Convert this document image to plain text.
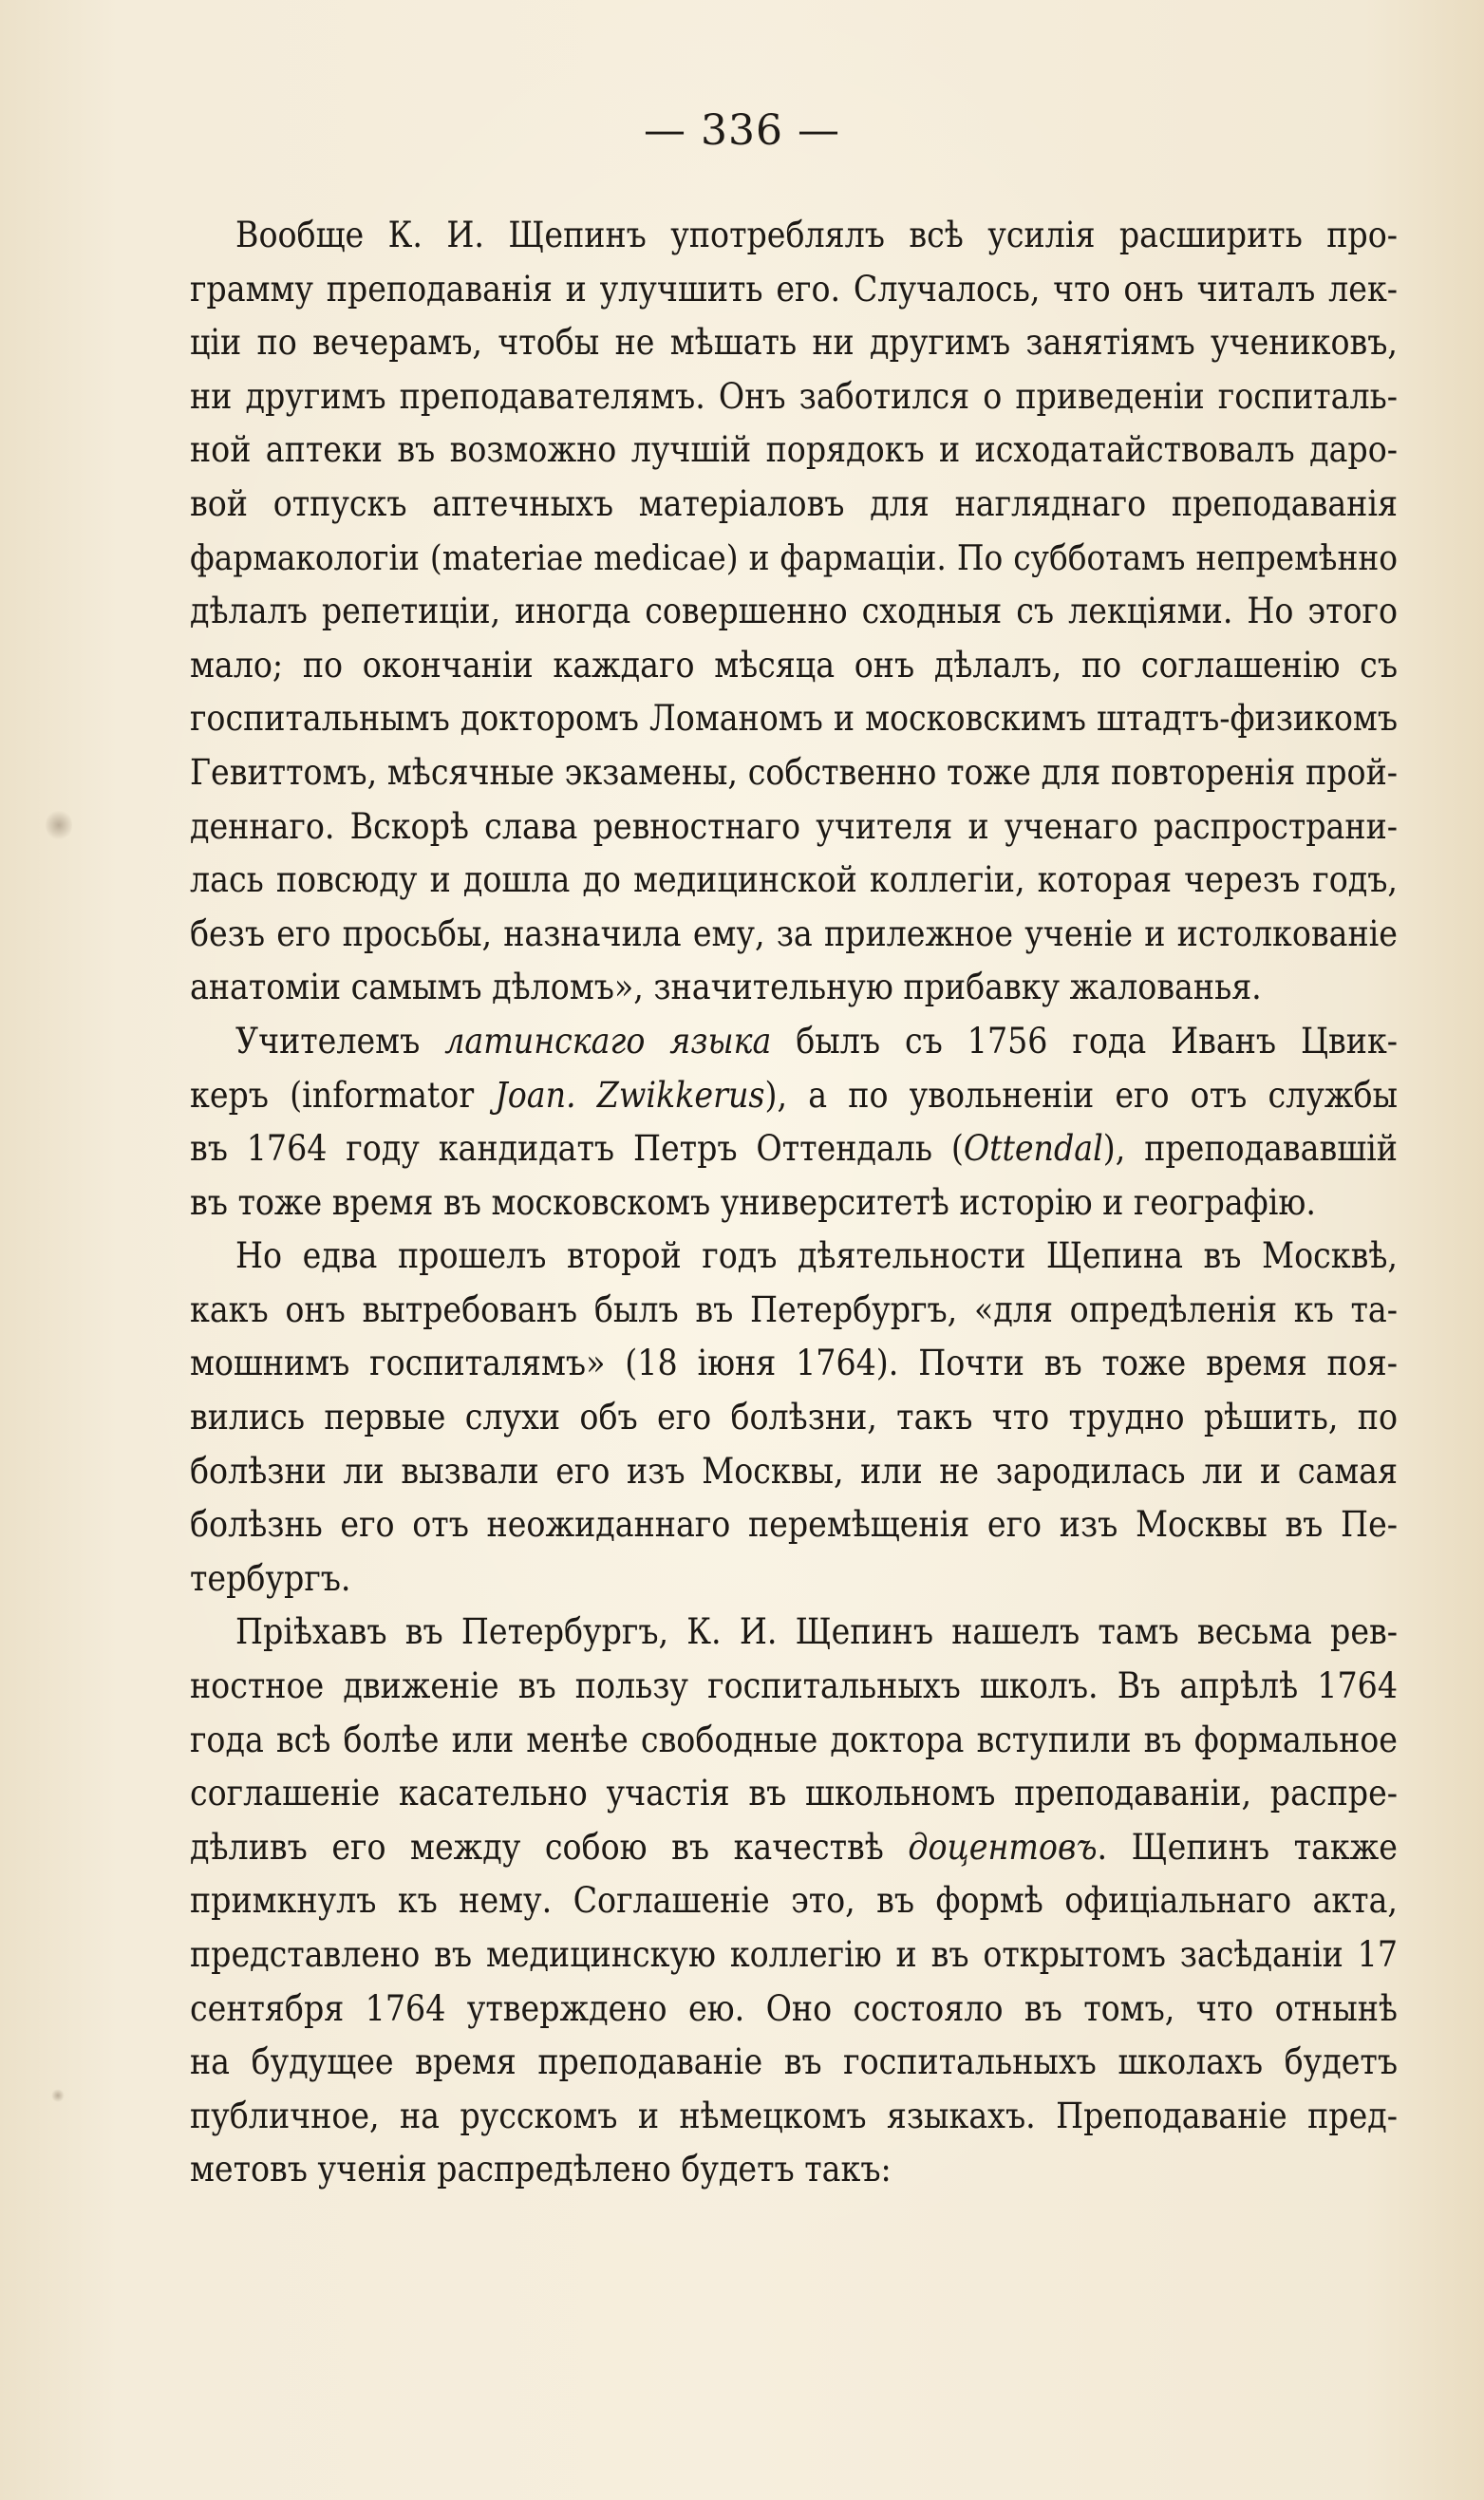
— 336 —
Вообще К. И. Щепинъ употреблялъ всѣ усилія расширить про-
грамму преподаванія и улучшить его. Случалось, что онъ читалъ лек-
ціи по вечерамъ, чтобы не мѣшать ни другимъ занятіямъ учениковъ,
ни другимъ преподавателямъ. Онъ заботился о приведеніи госпиталь-
ной аптеки въ возможно лучшій порядокъ и исходатайствовалъ даро-
вой отпускъ аптечныхъ матеріаловъ для нагляднаго преподаванія
фармакологіи (materiae medicae) и фармаціи. По субботамъ непремѣнно
дѣлалъ репетиціи, иногда совершенно сходныя съ лекціями. Но этого
мало; по окончаніи каждаго мѣсяца онъ дѣлалъ, по соглашенію съ
госпитальнымъ докторомъ Ломаномъ и московскимъ штадтъ-физикомъ
Гевиттомъ, мѣсячные экзамены, собственно тоже для повторенія прой-
деннаго. Вскорѣ слава ревностнаго учителя и ученаго распространи-
лась повсюду и дошла до медицинской коллегіи, которая черезъ годъ,
безъ его просьбы, назначила ему, за прилежное ученіе и истолкованіе
анатоміи самымъ дѣломъ», значительную прибавку жалованья.
Учителемъ латинскаго языка былъ съ 1756 года Иванъ Цвик-
керъ (informator Joan. Zwikkerus), а по увольненіи его отъ службы
въ 1764 году кандидатъ Петръ Оттендаль (Ottendal), преподававшій
въ тоже время въ московскомъ университетѣ исторію и географію.
Но едва прошелъ второй годъ дѣятельности Щепина въ Москвѣ,
какъ онъ вытребованъ былъ въ Петербургъ, «для опредѣленія къ та-
мошнимъ госпиталямъ» (18 іюня 1764). Почти въ тоже время поя-
вились первые слухи объ его болѣзни, такъ что трудно рѣшить, по
болѣзни ли вызвали его изъ Москвы, или не зародилась ли и самая
болѣзнь его отъ неожиданнаго перемѣщенія его изъ Москвы въ Пе-
тербургъ.
Пріѣхавъ въ Петербургъ, К. И. Щепинъ нашелъ тамъ весьма рев-
ностное движеніе въ пользу госпитальныхъ школъ. Въ апрѣлѣ 1764
года всѣ болѣе или менѣе свободные доктора вступили въ формальное
соглашеніе касательно участія въ школьномъ преподаваніи, распре-
дѣливъ его между собою въ качествѣ доцентовъ. Щепинъ также
примкнулъ къ нему. Соглашеніе это, въ формѣ офиціальнаго акта,
представлено въ медицинскую коллегію и въ открытомъ засѣданіи 17
сентября 1764 утверждено ею. Оно состояло въ томъ, что отнынѣ
на будущее время преподаваніе въ госпитальныхъ школахъ будетъ
публичное, на русскомъ и нѣмецкомъ языкахъ. Преподаваніе пред-
метовъ ученія распредѣлено будетъ такъ:
